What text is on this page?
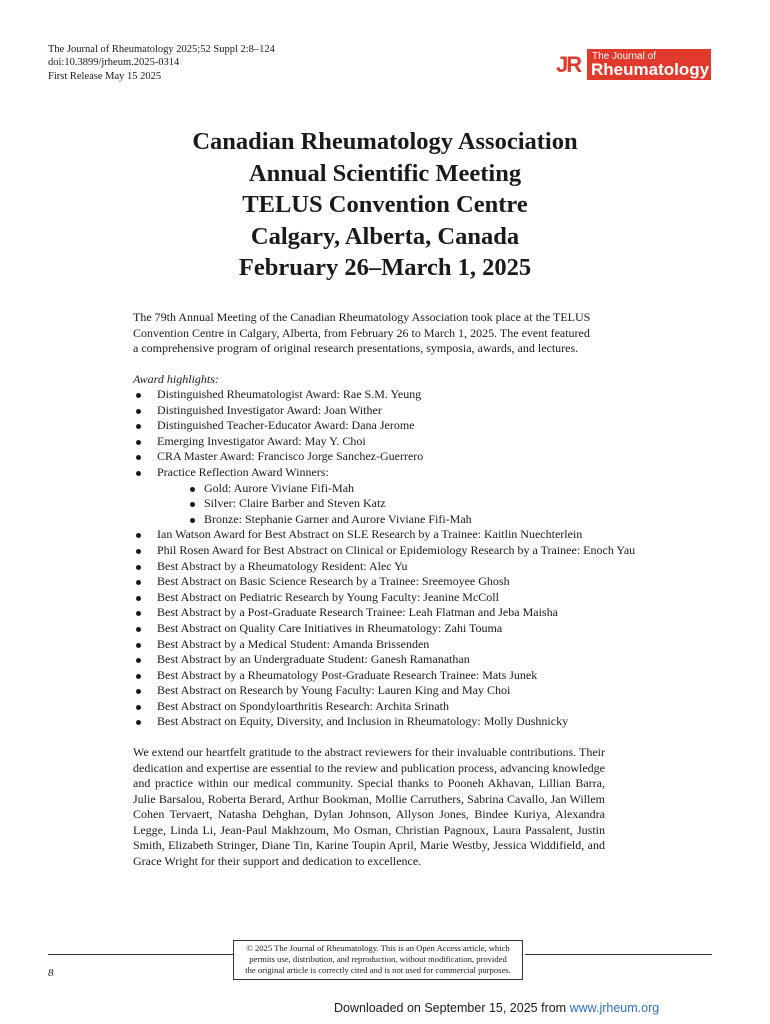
The Journal of Rheumatology 2025;52 Suppl 2:8–124
doi:10.3899/jrheum.2025-0314
First Release May 15 2025	JR	The Journal of
Rheumatology
Canadian Rheumatology Association
Annual Scientific Meeting
TELUS Convention Centre
Calgary, Alberta, Canada
February 26–March 1, 2025
The 79th Annual Meeting of the Canadian Rheumatology Association took place at the TELUS
Convention Centre in Calgary, Alberta, from February 26 to March 1, 2025. The event featured
a comprehensive program of original research presentations, symposia, awards, and lectures.
Award highlights:
Distinguished Rheumatologist Award: Rae S.M. Yeung
Distinguished Investigator Award: Joan Wither
Distinguished Teacher-Educator Award: Dana Jerome
Emerging Investigator Award: May Y. Choi
CRA Master Award: Francisco Jorge Sanchez-Guerrero
Practice Reflection Award Winners:
Gold: Aurore Viviane Fifi-Mah
Silver: Claire Barber and Steven Katz
Bronze: Stephanie Garner and Aurore Viviane Fifi-Mah
Ian Watson Award for Best Abstract on SLE Research by a Trainee: Kaitlin Nuechterlein
Phil Rosen Award for Best Abstract on Clinical or Epidemiology Research by a Trainee: Enoch Yau
Best Abstract by a Rheumatology Resident: Alec Yu
Best Abstract on Basic Science Research by a Trainee: Sreemoyee Ghosh
Best Abstract on Pediatric Research by Young Faculty: Jeanine McColl
Best Abstract by a Post-Graduate Research Trainee: Leah Flatman and Jeba Maisha
Best Abstract on Quality Care Initiatives in Rheumatology: Zahi Touma
Best Abstract by a Medical Student: Amanda Brissenden
Best Abstract by an Undergraduate Student: Ganesh Ramanathan
Best Abstract by a Rheumatology Post-Graduate Research Trainee: Mats Junek
Best Abstract on Research by Young Faculty: Lauren King and May Choi
Best Abstract on Spondyloarthritis Research: Archita Srinath
Best Abstract on Equity, Diversity, and Inclusion in Rheumatology: Molly Dushnicky
We extend our heartfelt gratitude to the abstract reviewers for their invaluable contributions. Their dedication and expertise are essential to the review and publication process, advancing knowledge and practice within our medical community. Special thanks to Pooneh Akhavan, Lillian Barra, Julie Barsalou, Roberta Berard, Arthur Bookman, Mollie Carruthers, Sabrina Cavallo, Jan Willem Cohen Tervaert, Natasha Dehghan, Dylan Johnson, Allyson Jones, Bindee Kuriya, Alexandra Legge, Linda Li, Jean-Paul Makhzoum, Mo Osman, Christian Pagnoux, Laura Passalent, Justin Smith, Elizabeth Stringer, Diane Tin, Karine Toupin April, Marie Westby, Jessica Widdifield, and Grace Wright for their support and dedication to excellence.
8
© 2025 The Journal of Rheumatology. This is an Open Access article, which
permits use, distribution, and reproduction, without modification, provided
the original article is correctly cited and is not used for commercial purposes.
Downloaded on September 15, 2025 from www.jrheum.org
